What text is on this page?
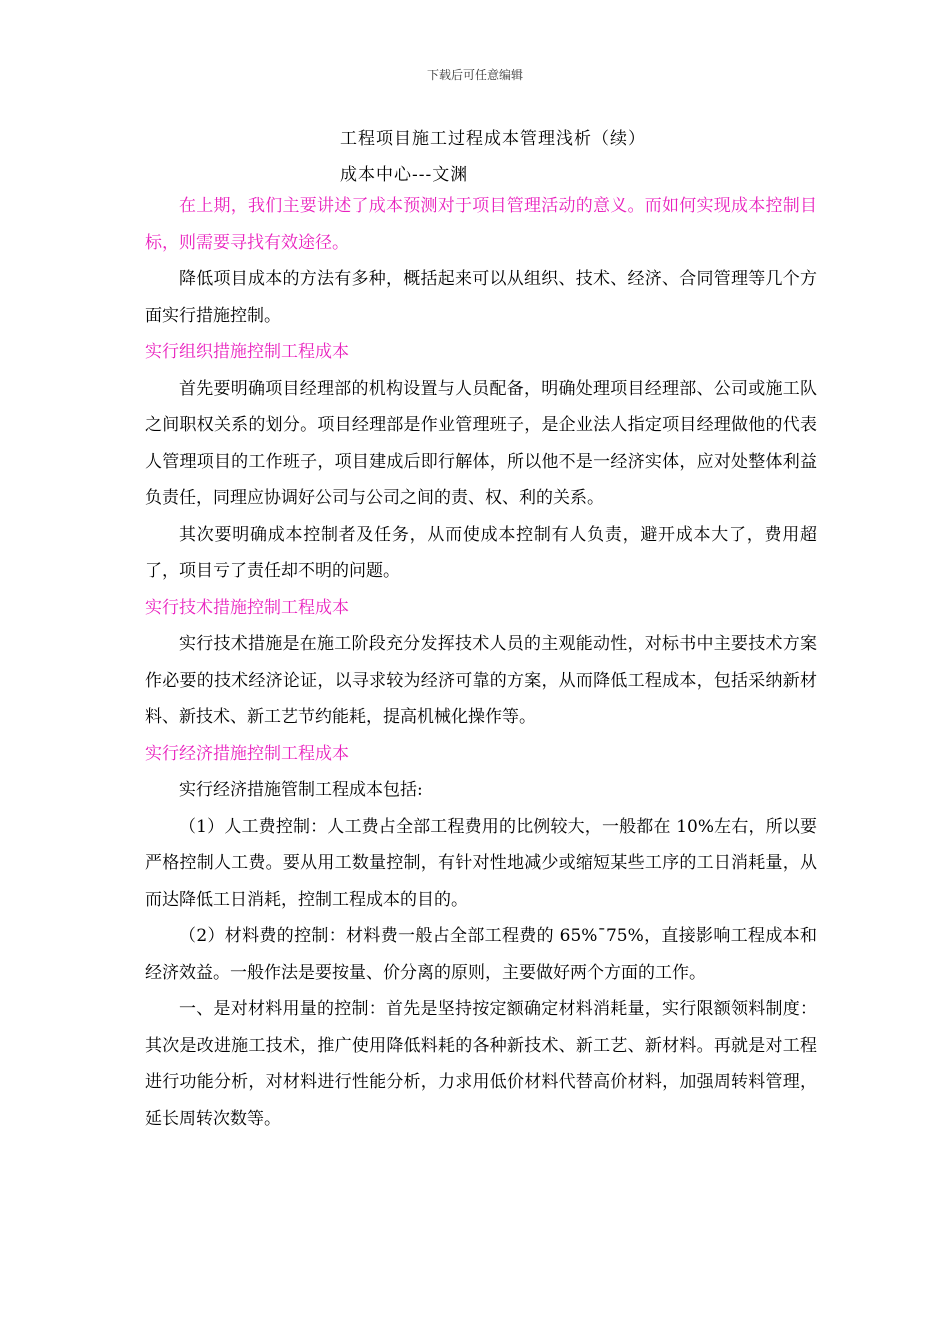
下载后可任意编辑
工程项目施工过程成本管理浅析（续）
成本中心---文渊

在上期，我们主要讲述了成本预测对于项目管理活动的意义。而如何实现成本控制目标，则需要寻找有效途径。

降低项目成本的方法有多种，概括起来可以从组织、技术、经济、合同管理等几个方面实行措施控制。

实行组织措施控制工程成本

首先要明确项目经理部的机构设置与人员配备，明确处理项目经理部、公司或施工队之间职权关系的划分。项目经理部是作业管理班子，是企业法人指定项目经理做他的代表人管理项目的工作班子，项目建成后即行解体，所以他不是一经济实体，应对处整体利益负责任，同理应协调好公司与公司之间的责、权、利的关系。

其次要明确成本控制者及任务，从而使成本控制有人负责，避开成本大了，费用超了，项目亏了责任却不明的问题。

实行技术措施控制工程成本

实行技术措施是在施工阶段充分发挥技术人员的主观能动性，对标书中主要技术方案作必要的技术经济论证，以寻求较为经济可靠的方案，从而降低工程成本，包括采纳新材料、新技术、新工艺节约能耗，提高机械化操作等。

实行经济措施控制工程成本

实行经济措施管制工程成本包括:

（1）人工费控制：人工费占全部工程费用的比例较大，一般都在 10%左右，所以要严格控制人工费。要从用工数量控制，有针对性地减少或缩短某些工序的工日消耗量，从而达降低工日消耗，控制工程成本的目的。

（2）材料费的控制：材料费一般占全部工程费的 65%¯75%，直接影响工程成本和经济效益。一般作法是要按量、价分离的原则，主要做好两个方面的工作。

一、是对材料用量的控制：首先是坚持按定额确定材料消耗量，实行限额领料制度：其次是改进施工技术，推广使用降低料耗的各种新技术、新工艺、新材料。再就是对工程进行功能分析，对材料进行性能分析，力求用低价材料代替高价材料，加强周转料管理，延长周转次数等。
